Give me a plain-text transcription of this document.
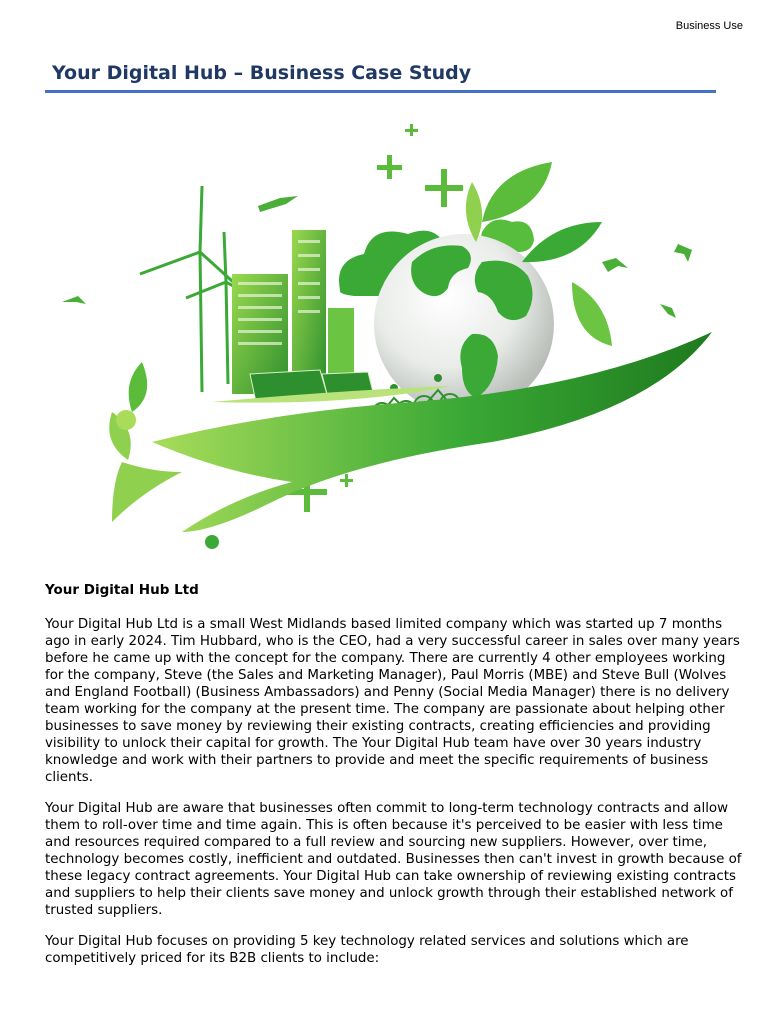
Business Use
Your Digital Hub – Business Case Study
Your Digital Hub Ltd

Your Digital Hub Ltd is a small West Midlands based limited company which was started up 7 months ago in early 2024. Tim Hubbard, who is the CEO, had a very successful career in sales over many years before he came up with the concept for the company. There are currently 4 other employees working for the company, Steve (the Sales and Marketing Manager), Paul Morris (MBE) and Steve Bull (Wolves and England Football) (Business Ambassadors) and Penny (Social Media Manager) there is no delivery team working for the company at the present time. The company are passionate about helping other businesses to save money by reviewing their existing contracts, creating efficiencies and providing visibility to unlock their capital for growth. The Your Digital Hub team have over 30 years industry knowledge and work with their partners to provide and meet the specific requirements of business clients.

Your Digital Hub are aware that businesses often commit to long-term technology contracts and allow them to roll-over time and time again. This is often because it's perceived to be easier with less time and resources required compared to a full review and sourcing new suppliers. However, over time, technology becomes costly, inefficient and outdated. Businesses then can't invest in growth because of these legacy contract agreements. Your Digital Hub can take ownership of reviewing existing contracts and suppliers to help their clients save money and unlock growth through their established network of trusted suppliers.

Your Digital Hub focuses on providing 5 key technology related services and solutions which are competitively priced for its B2B clients to include:
